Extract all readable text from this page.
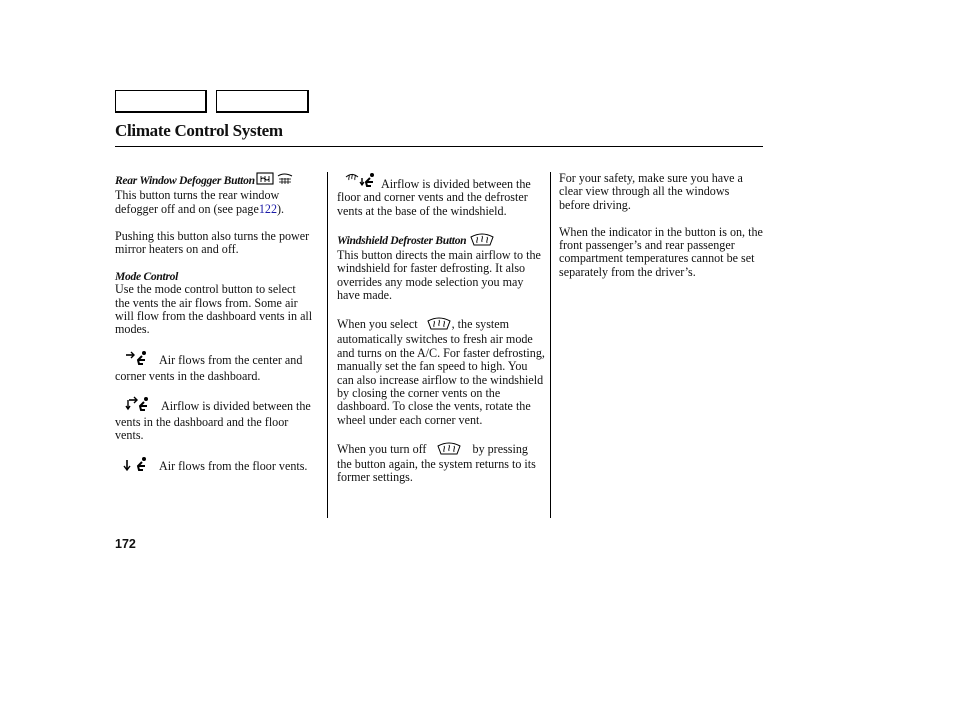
Climate Control System
Rear Window Defogger Button

This button turns the rear window defogger off and on (see page122).

Pushing this button also turns the power mirror heaters on and off.

Mode Control

Use the mode control button to select the vents the air flows from. Some air will flow from the dashboard vents in all modes.

Air flows from the center and corner vents in the dashboard.

Airflow is divided between the vents in the dashboard and the floor vents.

Air flows from the floor vents.

Airflow is divided between the floor and corner vents and the defroster vents at the base of the windshield.

Windshield Defroster Button

This button directs the main airflow to the windshield for faster defrosting. It also overrides any mode selection you may have made.

When you select	, the system automatically switches to fresh air mode and turns on the A/C. For faster defrosting, manually set the fan speed to high. You can also increase airflow to the windshield by closing the corner vents on the dashboard. To close the vents, rotate the wheel under each corner vent.

When you turn off	by pressing the button again, the system returns to its former settings.

For your safety, make sure you have a clear view through all the windows before driving.

When the indicator in the button is on, the front passenger’s and rear passenger compartment temperatures cannot be set separately from the driver’s.

172
